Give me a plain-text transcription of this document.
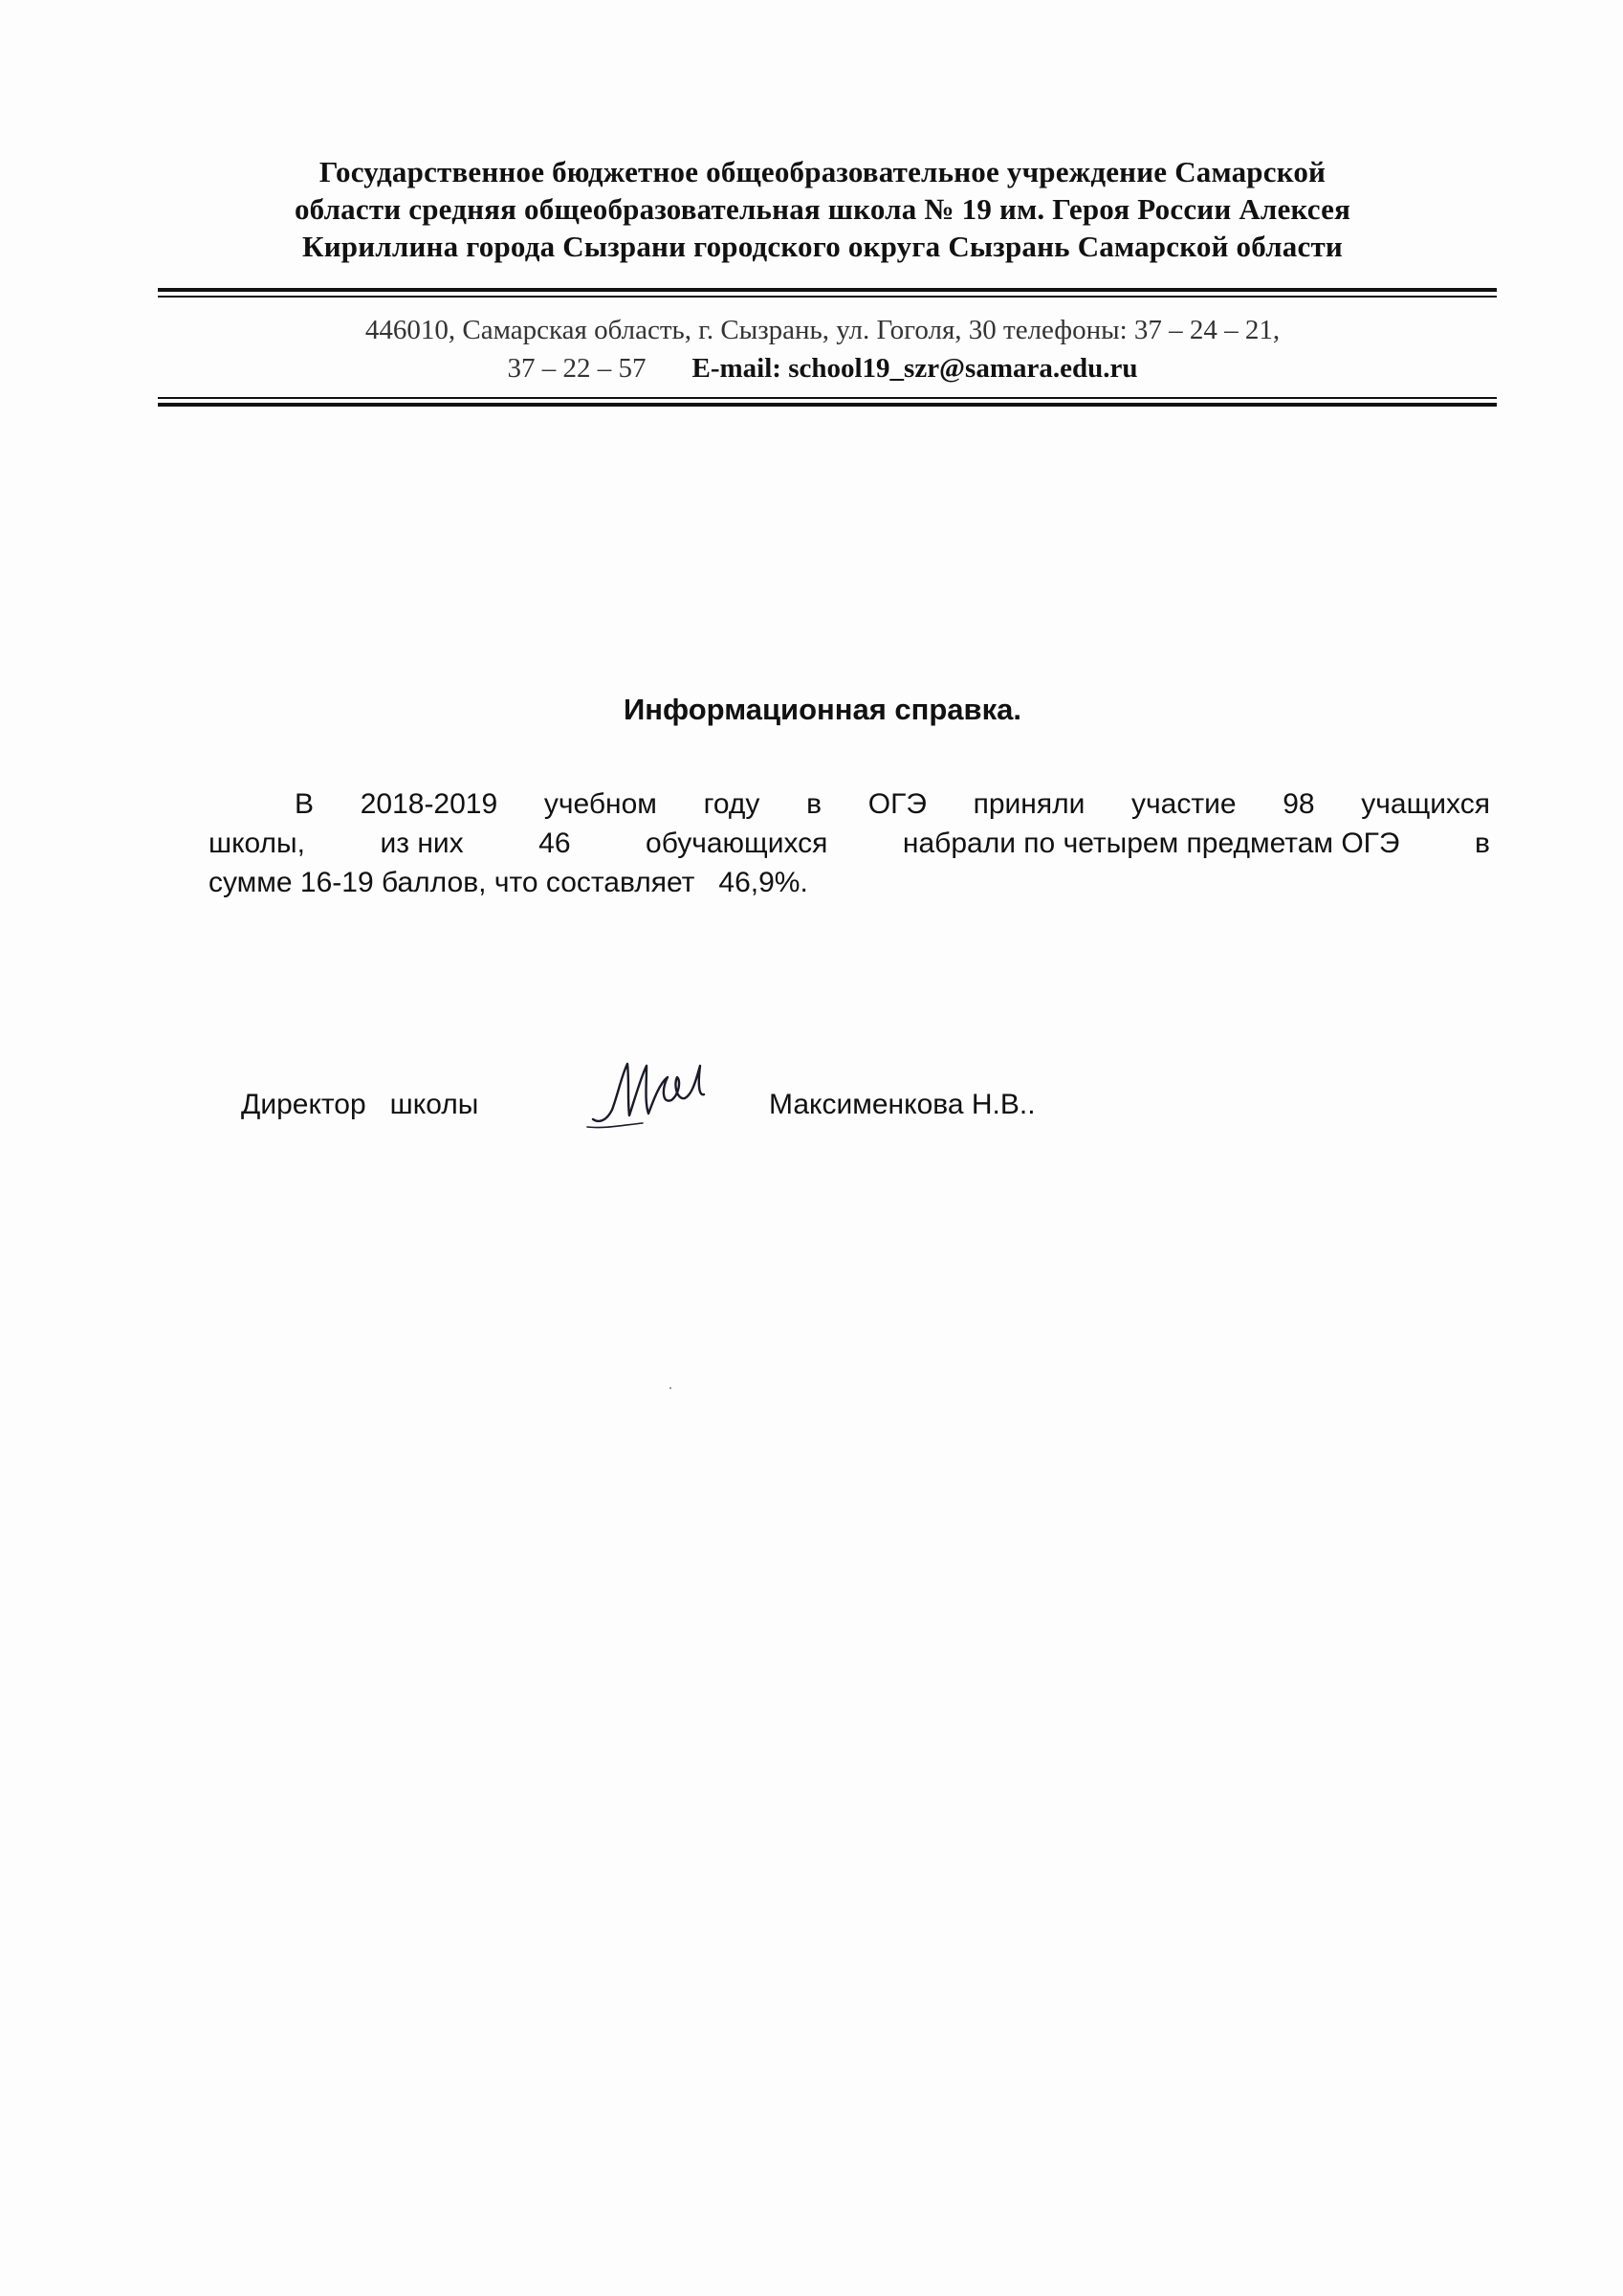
Государственное бюджетное общеобразовательное учреждение Самарской
области средняя общеобразовательная школа № 19 им. Героя России Алексея
Кириллина города Сызрани городского округа Сызрань Самарской области
446010, Самарская область, г. Сызрань, ул. Гоголя, 30 телефоны: 37 – 24 – 21,
37 – 22 – 57 E-mail: school19_szr@samara.edu.ru
Информационная справка.
В 2018-2019 учебном году в ОГЭ приняли участие 98 учащихся
школы,	из них	46	обучающихся	набрали по четырем предметам ОГЭ	в
сумме 16-19 баллов, что составляет   46,9%.
Директор   школы	Максименкова Н.В..
